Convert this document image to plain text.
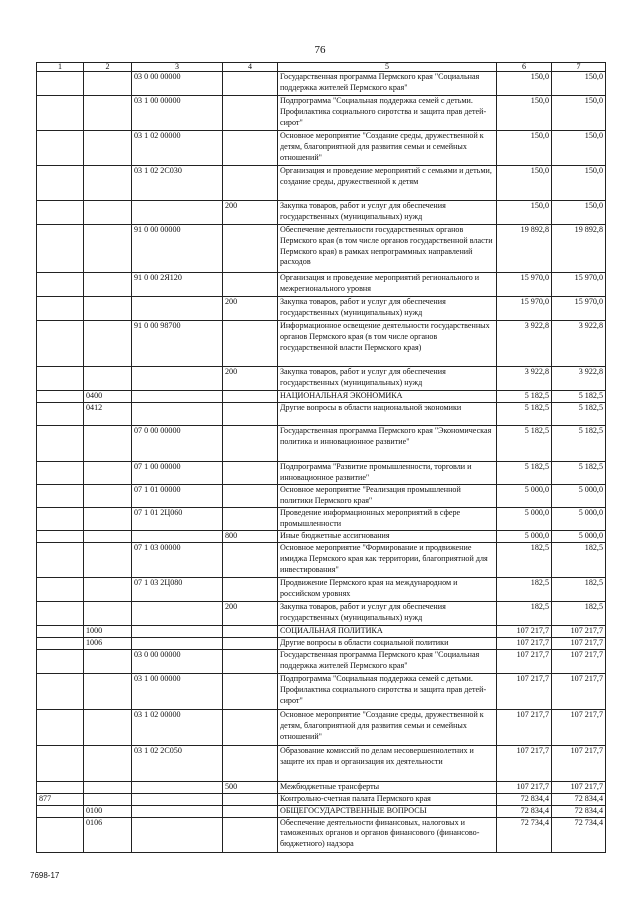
76
1	2	3	4	5	6	7
		03 0 00 00000		Государственная программа Пермского края "Социальная поддержка жителей Пермского края"	150,0	150,0
		03 1 00 00000		Подпрограмма "Социальная поддержка семей с детьми. Профилактика социального сиротства и защита прав детей-сирот"	150,0	150,0
		03 1 02 00000		Основное мероприятие "Создание среды, дружественной к детям, благоприятной для развития семьи и семейных отношений"	150,0	150,0
		03 1 02 2С030		Организация и проведение мероприятий с семьями и детьми, создание среды, дружественной к детям	150,0	150,0
			200	Закупка товаров, работ и услуг для обеспечения государственных (муниципальных) нужд	150,0	150,0
		91 0 00 00000		Обеспечение деятельности государственных органов Пермского края (в том числе органов государственной власти Пермского края) в рамках непрограммных направлений расходов	19 892,8	19 892,8
		91 0 00 2Я120		Организация и проведение мероприятий регионального и межрегионального уровня	15 970,0	15 970,0
			200	Закупка товаров, работ и услуг для обеспечения государственных (муниципальных) нужд	15 970,0	15 970,0
		91 0 00 98700		Информационное освещение деятельности государственных органов Пермского края (в том числе органов государственной власти Пермского края)	3 922,8	3 922,8
			200	Закупка товаров, работ и услуг для обеспечения государственных (муниципальных) нужд	3 922,8	3 922,8
	0400			НАЦИОНАЛЬНАЯ ЭКОНОМИКА	5 182,5	5 182,5
	0412			Другие вопросы в области национальной экономики	5 182,5	5 182,5
		07 0 00 00000		Государственная программа Пермского края "Экономическая политика и инновационное развитие"	5 182,5	5 182,5
		07 1 00 00000		Подпрограмма "Развитие промышленности, торговли и инновационное развитие"	5 182,5	5 182,5
		07 1 01 00000		Основное мероприятие "Реализация промышленной политики Пермского края"	5 000,0	5 000,0
		07 1 01 2Ц060		Проведение информационных мероприятий в сфере промышленности	5 000,0	5 000,0
			800	Иные бюджетные ассигнования	5 000,0	5 000,0
		07 1 03 00000		Основное мероприятие "Формирование и продвижение имиджа Пермского края как территории, благоприятной для инвестирования"	182,5	182,5
		07 1 03 2Ц080		Продвижение Пермского края на международном и российском уровнях	182,5	182,5
			200	Закупка товаров, работ и услуг для обеспечения государственных (муниципальных) нужд	182,5	182,5
	1000			СОЦИАЛЬНАЯ ПОЛИТИКА	107 217,7	107 217,7
	1006			Другие вопросы в области социальной политики	107 217,7	107 217,7
		03 0 00 00000		Государственная программа Пермского края "Социальная поддержка жителей Пермского края"	107 217,7	107 217,7
		03 1 00 00000		Подпрограмма "Социальная поддержка семей с детьми. Профилактика социального сиротства и защита прав детей-сирот"	107 217,7	107 217,7
		03 1 02 00000		Основное мероприятие "Создание среды, дружественной к детям, благоприятной для развития семьи и семейных отношений"	107 217,7	107 217,7
		03 1 02 2С050		Образование комиссий по делам несовершеннолетних и защите их прав и организация их деятельности	107 217,7	107 217,7
			500	Межбюджетные трансферты	107 217,7	107 217,7
877				Контрольно-счетная палата Пермского края	72 834,4	72 834,4
	0100			ОБЩЕГОСУДАРСТВЕННЫЕ ВОПРОСЫ	72 834,4	72 834,4
	0106			Обеспечение деятельности финансовых, налоговых и таможенных органов и органов финансового (финансово-бюджетного) надзора	72 734,4	72 734,4
7698-17
